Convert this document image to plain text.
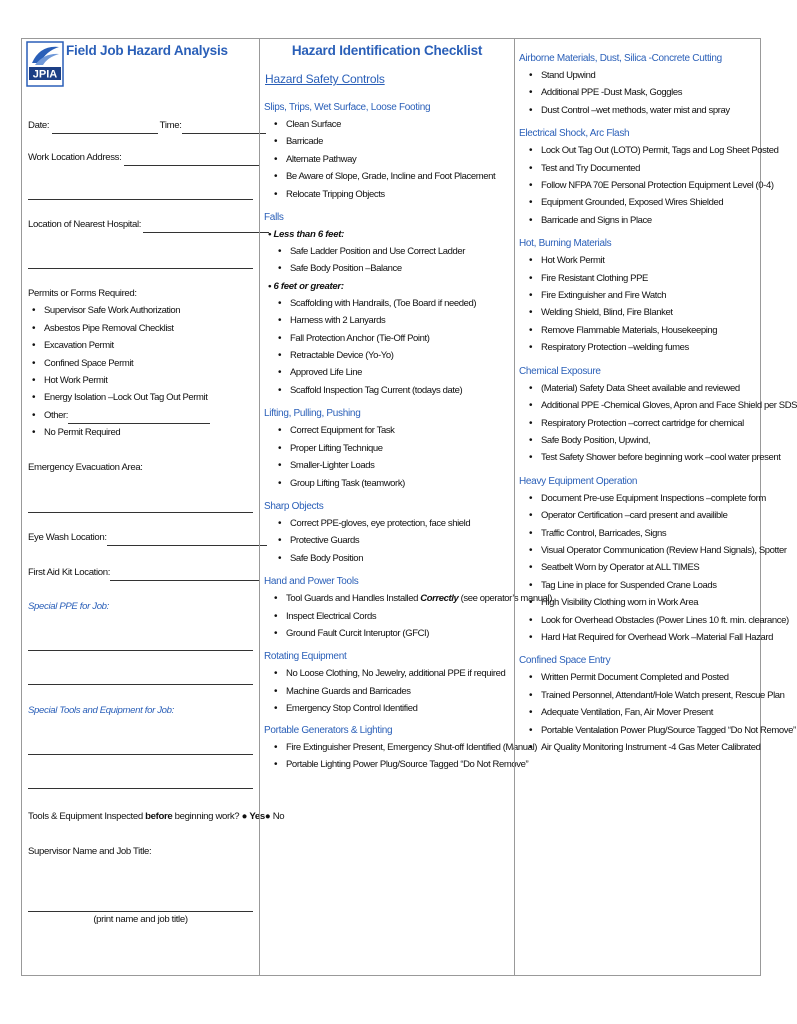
JPIA
Field Job Hazard Analysis
Date:	Time:
Work Location Address:
Location of Nearest Hospital:
Permits or Forms Required:
• Supervisor Safe Work Authorization
• Asbestos Pipe Removal Checklist
• Excavation Permit
• Confined Space Permit
• Hot Work Permit
• Energy Isolation –Lock Out Tag Out Permit
• Other:
• No Permit Required
Emergency Evacuation Area:
Eye Wash Location:
First Aid Kit Location:
Special PPE for Job:
Special Tools and Equipment for Job:
Tools & Equipment Inspected before beginning work? ● Yes● No
Supervisor Name and Job Title:
(print name and job title)
Hazard Identification Checklist
Hazard Safety Controls
Slips, Trips, Wet Surface, Loose Footing
• Clean Surface
• Barricade
• Alternate Pathway
• Be Aware of Slope, Grade, Incline and Foot Placement
• Relocate Tripping Objects
Falls
• Less than 6 feet:
• Safe Ladder Position and Use Correct Ladder
• Safe Body Position –Balance
• 6 feet or greater:
• Scaffolding with Handrails, (Toe Board if needed)
• Harness with 2 Lanyards
• Fall Protection Anchor (Tie-Off Point)
• Retractable Device (Yo-Yo)
• Approved Life Line
• Scaffold Inspection Tag Current (todays date)
Lifting, Pulling, Pushing
• Correct Equipment for Task
• Proper Lifting Technique
• Smaller-Lighter Loads
• Group Lifting Task (teamwork)
Sharp Objects
• Correct PPE-gloves, eye protection, face shield
• Protective Guards
• Safe Body Position
Hand and Power Tools
• Tool Guards and Handles Installed Correctly (see operator’s manual)
• Inspect Electrical Cords
• Ground Fault Curcit Interuptor (GFCI)
Rotating Equipment
• No Loose Clothing, No Jewelry, additional PPE if required
• Machine Guards and Barricades
• Emergency Stop Control Identified
Portable Generators & Lighting
• Fire Extinguisher Present, Emergency Shut-off Identified (Manual)
• Portable Lighting Power Plug/Source Tagged “Do Not Remove”
Airborne Materials, Dust, Silica -Concrete Cutting
• Stand Upwind
• Additional PPE -Dust Mask, Goggles
• Dust Control –wet methods, water mist and spray
Electrical Shock, Arc Flash
• Lock Out Tag Out (LOTO) Permit, Tags and Log Sheet Posted
• Test and Try Documented
• Follow NFPA 70E Personal Protection Equipment Level (0-4)
• Equipment Grounded, Exposed Wires Shielded
• Barricade and Signs in Place
Hot, Burning Materials
• Hot Work Permit
• Fire Resistant Clothing PPE
• Fire Extinguisher and Fire Watch
• Welding Shield, Blind, Fire Blanket
• Remove Flammable Materials, Housekeeping
• Respiratory Protection –welding fumes
Chemical Exposure
• (Material) Safety Data Sheet available and reviewed
• Additional PPE -Chemical Gloves, Apron and Face Shield per SDS
• Respiratory Protection –correct cartridge for chemical
• Safe Body Position, Upwind,
• Test Safety Shower before beginning work –cool water present
Heavy Equipment Operation
• Document Pre-use Equipment Inspections –complete form
• Operator Certification –card present and availible
• Traffic Control, Barricades, Signs
• Visual Operator Communication (Review Hand Signals), Spotter
• Seatbelt Worn by Operator at ALL TIMES
• Tag Line in place for Suspended Crane Loads
• High Visibility Clothing worn in Work Area
• Look for Overhead Obstacles (Power Lines 10 ft. min. clearance)
• Hard Hat Required for Overhead Work –Material Fall Hazard
Confined Space Entry
• Written Permit Document Completed and Posted
• Trained Personnel, Attendant/Hole Watch present, Rescue Plan
• Adequate Ventilation, Fan, Air Mover Present
• Portable Ventalation Power Plug/Source Tagged “Do Not Remove”
• Air Quality Monitoring Instrument -4 Gas Meter Calibrated
